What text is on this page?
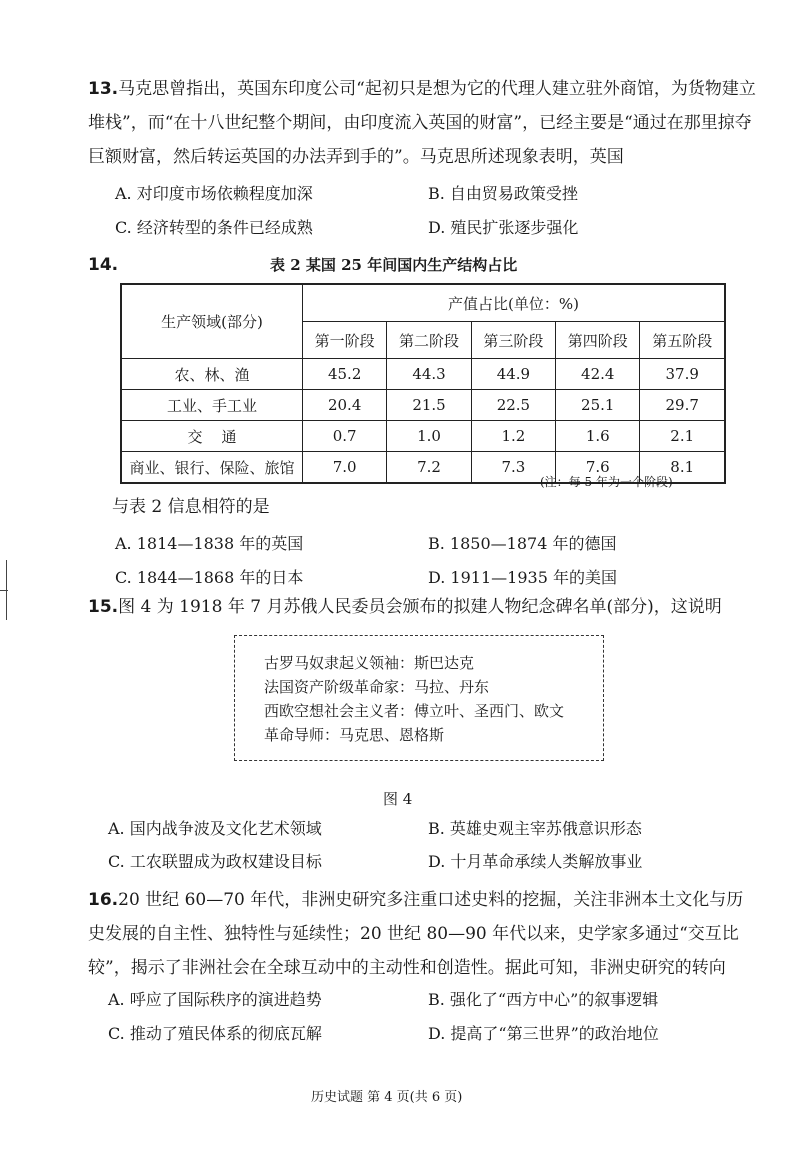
13.马克思曾指出，英国东印度公司“起初只是想为它的代理人建立驻外商馆，为货物建立堆栈”，而“在十八世纪整个期间，由印度流入英国的财富”，已经主要是“通过在那里掠夺巨额财富，然后转运英国的办法弄到手的”。马克思所述现象表明，英国
A. 对印度市场依赖程度加深	B. 自由贸易政策受挫
C. 经济转型的条件已经成熟	D. 殖民扩张逐步强化
14.	表 2 某国 25 年间国内生产结构占比
生产领域(部分)	产值占比(单位：%)				
	第一阶段	第二阶段	第三阶段	第四阶段	第五阶段
农、林、渔	45.2	44.3	44.9	42.4	37.9
工业、手工业	20.4	21.5	22.5	25.1	29.7
交    通	0.7	1.0	1.2	1.6	2.1
商业、银行、保险、旅馆	7.0	7.2	7.3	7.6	8.1
(注：每 5 年为一个阶段)
与表 2 信息相符的是
A. 1814—1838 年的英国	B. 1850—1874 年的德国
C. 1844—1868 年的日本	D. 1911—1935 年的美国
15.图 4 为 1918 年 7 月苏俄人民委员会颁布的拟建人物纪念碑名单(部分)，这说明
古罗马奴隶起义领袖：斯巴达克
法国资产阶级革命家：马拉、丹东
西欧空想社会主义者：傅立叶、圣西门、欧文
革命导师：马克思、恩格斯
图 4
A. 国内战争波及文化艺术领域	B. 英雄史观主宰苏俄意识形态
C. 工农联盟成为政权建设目标	D. 十月革命承续人类解放事业
16.20 世纪 60—70 年代，非洲史研究多注重口述史料的挖掘，关注非洲本土文化与历史发展的自主性、独特性与延续性；20 世纪 80—90 年代以来，史学家多通过“交互比较”，揭示了非洲社会在全球互动中的主动性和创造性。据此可知，非洲史研究的转向
A. 呼应了国际秩序的演进趋势	B. 强化了“西方中心”的叙事逻辑
C. 推动了殖民体系的彻底瓦解	D. 提高了“第三世界”的政治地位
历史试题 第 4 页(共 6 页)
